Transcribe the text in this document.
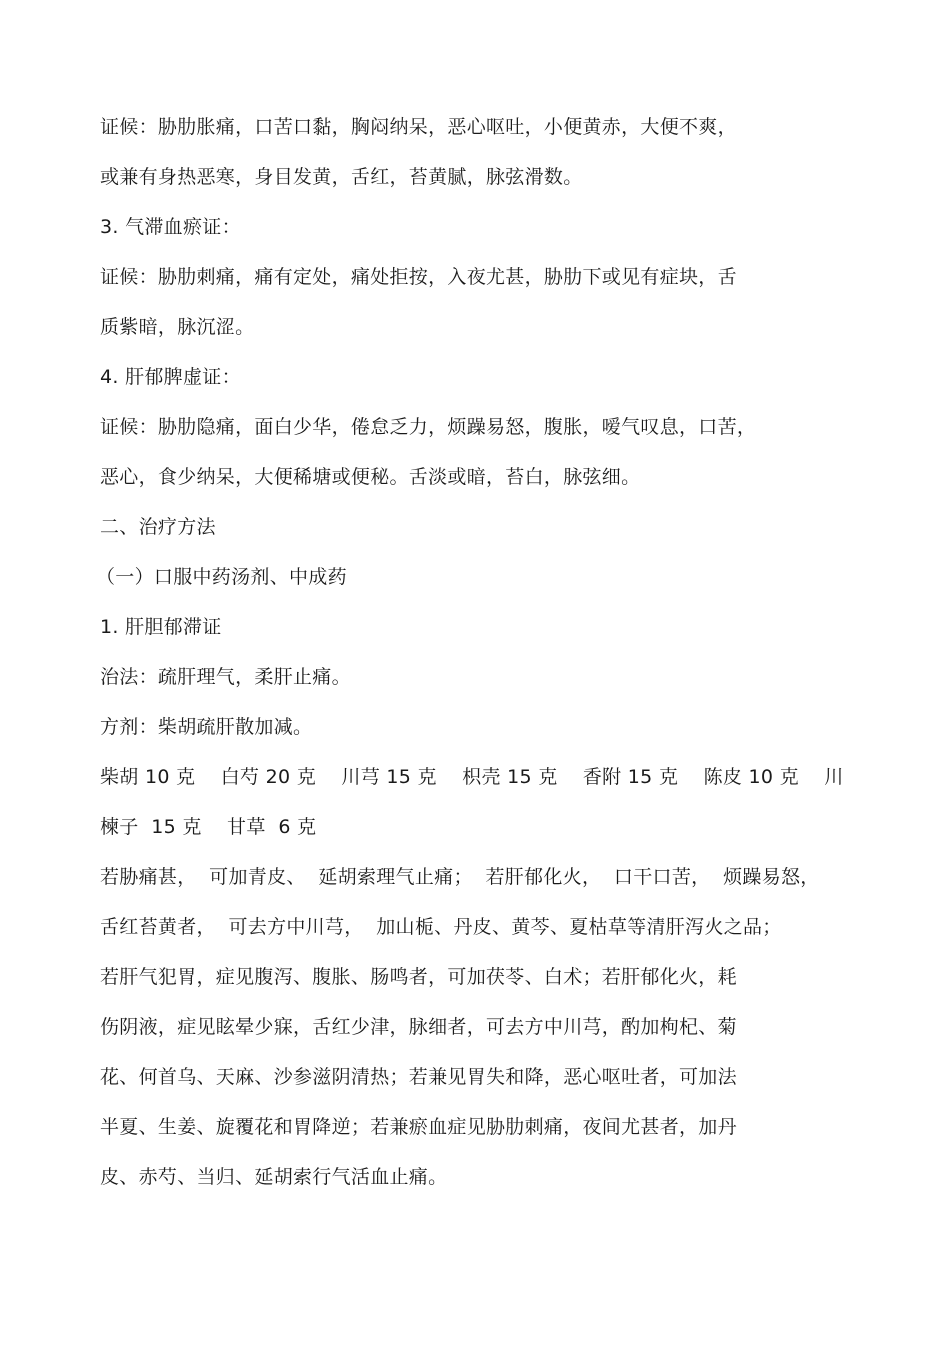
证候：胁肋胀痛，口苦口黏，胸闷纳呆，恶心呕吐，小便黄赤，大便不爽，
或兼有身热恶寒，身目发黄，舌红，苔黄腻，脉弦滑数。
3. 气滞血瘀证：
证候：胁肋刺痛，痛有定处，痛处拒按，入夜尤甚，胁肋下或见有症块，舌
质紫暗，脉沉涩。
4. 肝郁脾虚证：
证候：胁肋隐痛，面白少华，倦怠乏力，烦躁易怒，腹胀，嗳气叹息，口苦，
恶心，食少纳呆，大便稀塘或便秘。舌淡或暗，苔白，脉弦细。
二、治疗方法
（一）口服中药汤剂、中成药
1. 肝胆郁滞证
治法：疏肝理气，柔肝止痛。
方剂：柴胡疏肝散加减。
柴胡 10 克    白芍 20 克    川芎 15 克    枳壳 15 克    香附 15 克    陈皮 10 克    川
楝子  15 克    甘草  6 克
若胁痛甚，  可加青皮、  延胡索理气止痛；  若肝郁化火，  口干口苦，  烦躁易怒，
舌红苔黄者，  可去方中川芎，  加山栀、丹皮、黄芩、夏枯草等清肝泻火之品；
若肝气犯胃，症见腹泻、腹胀、肠鸣者，可加茯苓、白术；若肝郁化火，耗
伤阴液，症见眩晕少寐，舌红少津，脉细者，可去方中川芎，酌加枸杞、菊
花、何首乌、天麻、沙参滋阴清热；若兼见胃失和降，恶心呕吐者，可加法
半夏、生姜、旋覆花和胃降逆；若兼瘀血症见胁肋刺痛，夜间尤甚者，加丹
皮、赤芍、当归、延胡索行气活血止痛。
